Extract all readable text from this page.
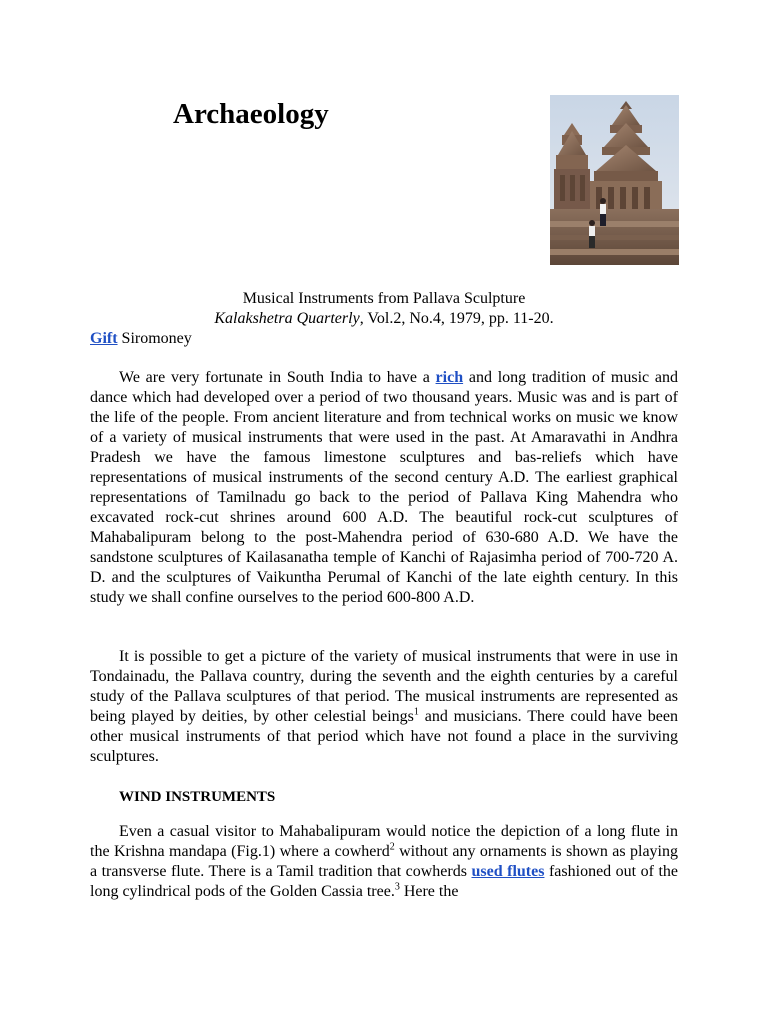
Archaeology
Musical Instruments from Pallava Sculpture
Kalakshetra Quarterly, Vol.2, No.4, 1979, pp. 11-20.
Gift Siromoney

We are very fortunate in South India to have a rich and long tradition of music and dance which had developed over a period of two thousand years. Music was and is part of the life of the people. From ancient literature and from technical works on music we know of a variety of musical instruments that were used in the past. At Amaravathi in Andhra Pradesh we have the famous limestone sculptures and bas-reliefs which have representations of musical instruments of the second century A.D. The earliest graphical representations of Tamilnadu go back to the period of Pallava King Mahendra who excavated rock-cut shrines around 600 A.D. The beautiful rock-cut sculptures of Mahabalipuram belong to the post-Mahendra period of 630-680 A.D. We have the sandstone sculptures of Kailasanatha temple of Kanchi of Rajasimha period of 700-720 A. D. and the sculptures of Vaikuntha Perumal of Kanchi of the late eighth century. In this study we shall confine ourselves to the period 600-800 A.D.

It is possible to get a picture of the variety of musical instruments that were in use in Tondainadu, the Pallava country, during the seventh and the eighth centuries by a careful study of the Pallava sculptures of that period. The musical instruments are represented as being played by deities, by other celestial beings$^1$ and musicians. There could have been other musical instruments of that period which have not found a place in the surviving sculptures.

WIND INSTRUMENTS

Even a casual visitor to Mahabalipuram would notice the depiction of a long flute in the Krishna mandapa (Fig.1) where a cowherd$^2$ without any ornaments is shown as playing a transverse flute. There is a Tamil tradition that cowherds used flutes fashioned out of the long cylindrical pods of the Golden Cassia tree.$^3$ Here the
